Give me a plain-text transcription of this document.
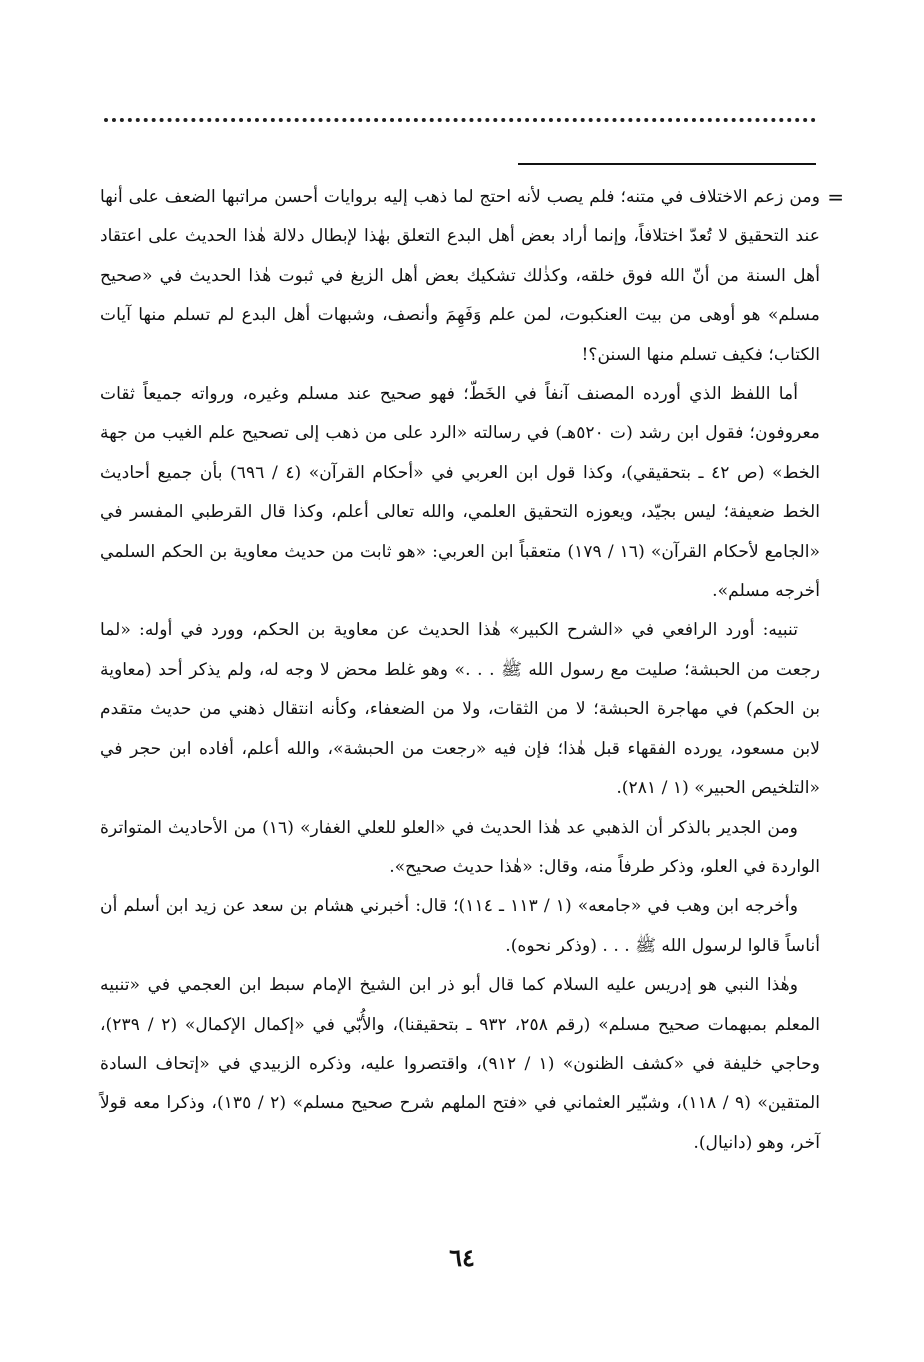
=

ومن زعم الاختلاف في متنه؛ فلم يصب لأنه احتج لما ذهب إليه بروايات أحسن مراتبها الضعف على أنها عند التحقيق لا تُعدّ اختلافاً، وإنما أراد بعض أهل البدع التعلق بهٰذا لإبطال دلالة هٰذا الحديث على اعتقاد أهل السنة من أنّ الله فوق خلقه، وكذٰلك تشكيك بعض أهل الزيغ في ثبوت هٰذا الحديث في «صحيح مسلم» هو أوهى من بيت العنكبوت، لمن علم وَفَهِمَ وأنصف، وشبهات أهل البدع لم تسلم منها آيات الكتاب؛ فكيف تسلم منها السنن؟!

أما اللفظ الذي أورده المصنف آنفاً في الخَطّ؛ فهو صحيح عند مسلم وغيره، ورواته جميعاً ثقات معروفون؛ فقول ابن رشد (ت ٥٢٠هـ) في رسالته «الرد على من ذهب إلى تصحيح علم الغيب من جهة الخط» (ص ٤٢ ـ بتحقيقي)، وكذا قول ابن العربي في «أحكام القرآن» (٤ / ٦٩٦) بأن جميع أحاديث الخط ضعيفة؛ ليس بجيّد، ويعوزه التحقيق العلمي، والله تعالى أعلم، وكذا قال القرطبي المفسر في «الجامع لأحكام القرآن» (١٦ / ١٧٩) متعقباً ابن العربي: «هو ثابت من حديث معاوية بن الحكم السلمي أخرجه مسلم».

تنبيه: أورد الرافعي في «الشرح الكبير» هٰذا الحديث عن معاوية بن الحكم، وورد في أوله: «لما رجعت من الحبشة؛ صليت مع رسول الله ﷺ . . .» وهو غلط محض لا وجه له، ولم يذكر أحد (معاوية بن الحكم) في مهاجرة الحبشة؛ لا من الثقات، ولا من الضعفاء، وكأنه انتقال ذهني من حديث متقدم لابن مسعود، يورده الفقهاء قبل هٰذا؛ فإن فيه «رجعت من الحبشة»، والله أعلم، أفاده ابن حجر في «التلخيص الحبير» (١ / ٢٨١).

ومن الجدير بالذكر أن الذهبي عد هٰذا الحديث في «العلو للعلي الغفار» (١٦) من الأحاديث المتواترة الواردة في العلو، وذكر طرفاً منه، وقال: «هٰذا حديث صحيح».

وأخرجه ابن وهب في «جامعه» (١ / ١١٣ ـ ١١٤)؛ قال: أخبرني هشام بن سعد عن زيد ابن أسلم أن أناساً قالوا لرسول الله ﷺ . . . (وذكر نحوه).

وهٰذا النبي هو إدريس عليه السلام كما قال أبو ذر ابن الشيخ الإمام سبط ابن العجمي في «تنبيه المعلم بمبهمات صحيح مسلم» (رقم ٢٥٨، ٩٣٢ ـ بتحقيقنا)، والأُبّي في «إكمال الإكمال» (٢ / ٢٣٩)، وحاجي خليفة في «كشف الظنون» (١ / ٩١٢)، واقتصروا عليه، وذكره الزبيدي في «إتحاف السادة المتقين» (٩ / ١١٨)، وشبّير العثماني في «فتح الملهم شرح صحيح مسلم» (٢ / ١٣٥)، وذكرا معه قولاً آخر، وهو (دانيال).

٦٤
